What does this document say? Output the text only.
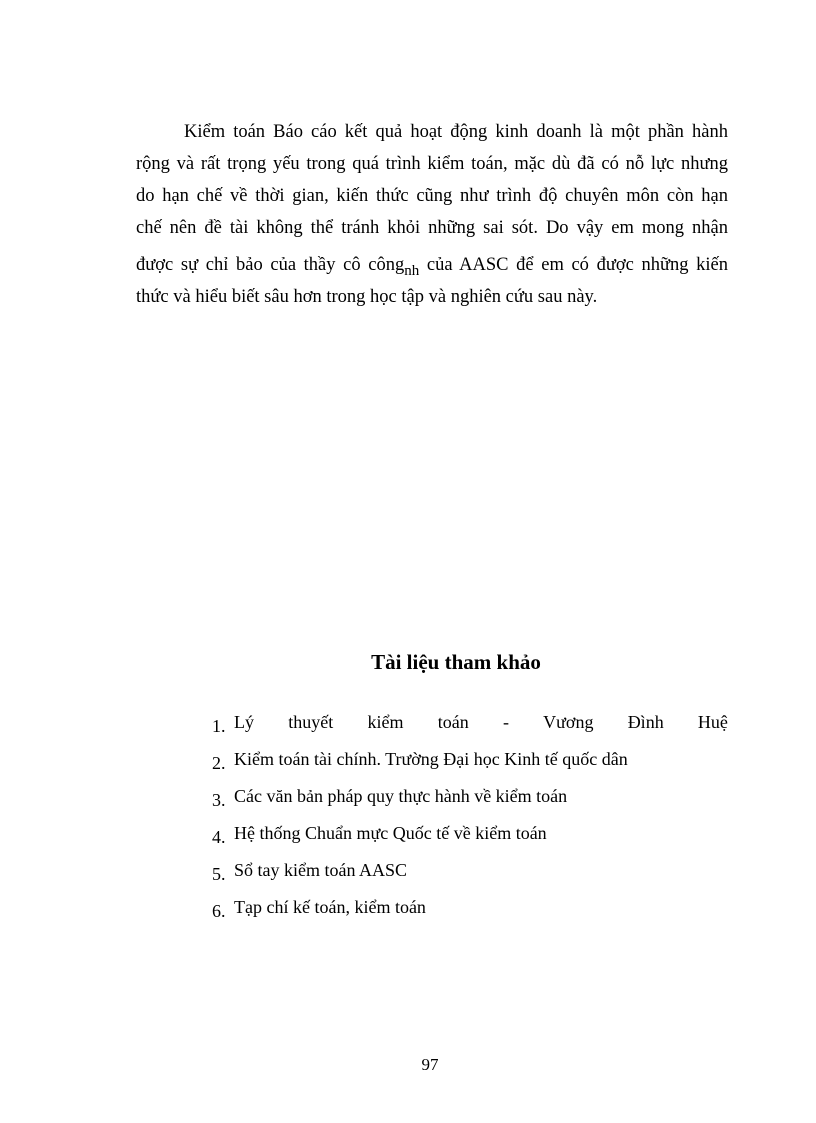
Kiểm toán Báo cáo kết quả hoạt động kinh doanh là một phần hành
rộng và rất trọng yếu trong quá trình kiểm toán, mặc dù đã có nỗ lực nhưng
do hạn chế về thời gian, kiến thức cũng như trình độ chuyên môn còn hạn
chế nên đề tài không thể tránh khỏi những sai sót. Do vậy em mong nhận
được sự chỉ bảo của thầy cô công$_{nh}$ của AASC để em có được những kiến
thức và hiểu biết sâu hơn trong học tập và nghiên cứu sau này.
Tài liệu tham khảo
1. Lý thuyết kiểm toán - Vương Đình Huệ
2. Kiểm toán tài chính. Trường Đại học Kinh tế quốc dân
3. Các văn bản pháp quy thực hành về kiểm toán
4. Hệ thống Chuẩn mực Quốc tế về kiểm toán
5. Sổ tay kiểm toán AASC
6. Tạp chí kế toán, kiểm toán
97
